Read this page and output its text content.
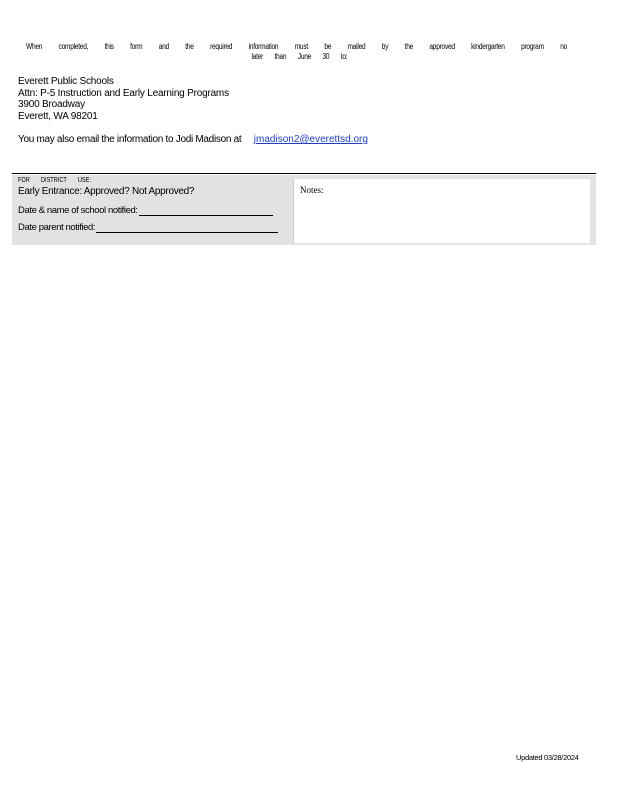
When completed, this form and the required information must be mailed by the approved kindergarten program no
later than June 30 to:
Everett Public Schools
Attn: P-5 Instruction and Early Learning Programs
3900 Broadway
Everett, WA 98201
You may also email the information to Jodi Madison at jmadison2@everettsd.org
FOR DISTRICT USE:
Early Entrance: Approved? Not Approved?
Date & name of school notified:
Date parent notified:
Notes:
Updated 03/28/2024
